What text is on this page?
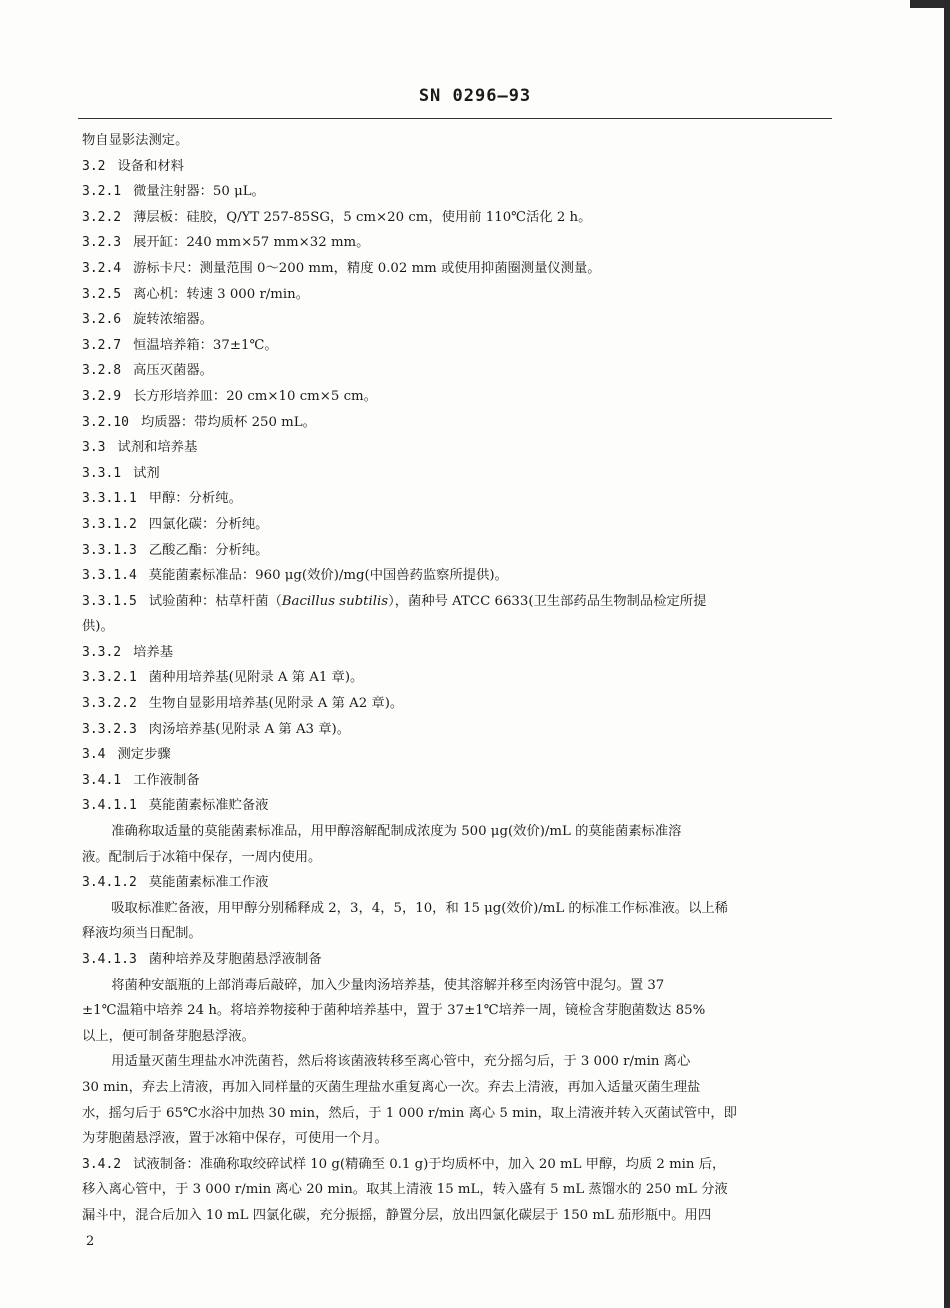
SN 0296—93

物自显影法测定。

3.2 设备和材料

3.2.1 微量注射器：50 μL。

3.2.2 薄层板：硅胶，Q/YT 257-85SG，5 cm×20 cm，使用前 110℃活化 2 h。

3.2.3 展开缸：240 mm×57 mm×32 mm。

3.2.4 游标卡尺：测量范围 0～200 mm，精度 0.02 mm 或使用抑菌圈测量仪测量。

3.2.5 离心机：转速 3 000 r/min。

3.2.6 旋转浓缩器。

3.2.7 恒温培养箱：37±1℃。

3.2.8 高压灭菌器。

3.2.9 长方形培养皿：20 cm×10 cm×5 cm。

3.2.10 均质器：带均质杯 250 mL。

3.3 试剂和培养基

3.3.1 试剂

3.3.1.1 甲醇：分析纯。

3.3.1.2 四氯化碳：分析纯。

3.3.1.3 乙酸乙酯：分析纯。

3.3.1.4 莫能菌素标准品：960 μg(效价)/mg(中国兽药监察所提供)。

3.3.1.5 试验菌种：枯草杆菌（Bacillus subtilis），菌种号 ATCC 6633(卫生部药品生物制品检定所提

供)。

3.3.2 培养基

3.3.2.1 菌种用培养基(见附录 A 第 A1 章)。

3.3.2.2 生物自显影用培养基(见附录 A 第 A2 章)。

3.3.2.3 肉汤培养基(见附录 A 第 A3 章)。

3.4 测定步骤

3.4.1 工作液制备

3.4.1.1 莫能菌素标准贮备液

准确称取适量的莫能菌素标准品，用甲醇溶解配制成浓度为 500 μg(效价)/mL 的莫能菌素标准溶

液。配制后于冰箱中保存，一周内使用。

3.4.1.2 莫能菌素标准工作液

吸取标准贮备液，用甲醇分别稀释成 2，3，4，5，10，和 15 μg(效价)/mL 的标准工作标准液。以上稀

释液均须当日配制。

3.4.1.3 菌种培养及芽胞菌悬浮液制备

将菌种安瓿瓶的上部消毒后敲碎，加入少量肉汤培养基，使其溶解并移至肉汤管中混匀。置 37

±1℃温箱中培养 24 h。将培养物接种于菌种培养基中，置于 37±1℃培养一周，镜检含芽胞菌数达 85%

以上，便可制备芽胞悬浮液。

用适量灭菌生理盐水冲洗菌苔，然后将该菌液转移至离心管中，充分摇匀后，于 3 000 r/min 离心

30 min，弃去上清液，再加入同样量的灭菌生理盐水重复离心一次。弃去上清液，再加入适量灭菌生理盐

水，摇匀后于 65℃水浴中加热 30 min，然后，于 1 000 r/min 离心 5 min，取上清液并转入灭菌试管中，即

为芽胞菌悬浮液，置于冰箱中保存，可使用一个月。

3.4.2 试液制备：准确称取绞碎试样 10 g(精确至 0.1 g)于均质杯中，加入 20 mL 甲醇，均质 2 min 后，

移入离心管中，于 3 000 r/min 离心 20 min。取其上清液 15 mL，转入盛有 5 mL 蒸馏水的 250 mL 分液

漏斗中，混合后加入 10 mL 四氯化碳，充分振摇，静置分层，放出四氯化碳层于 150 mL 茄形瓶中。用四

2
